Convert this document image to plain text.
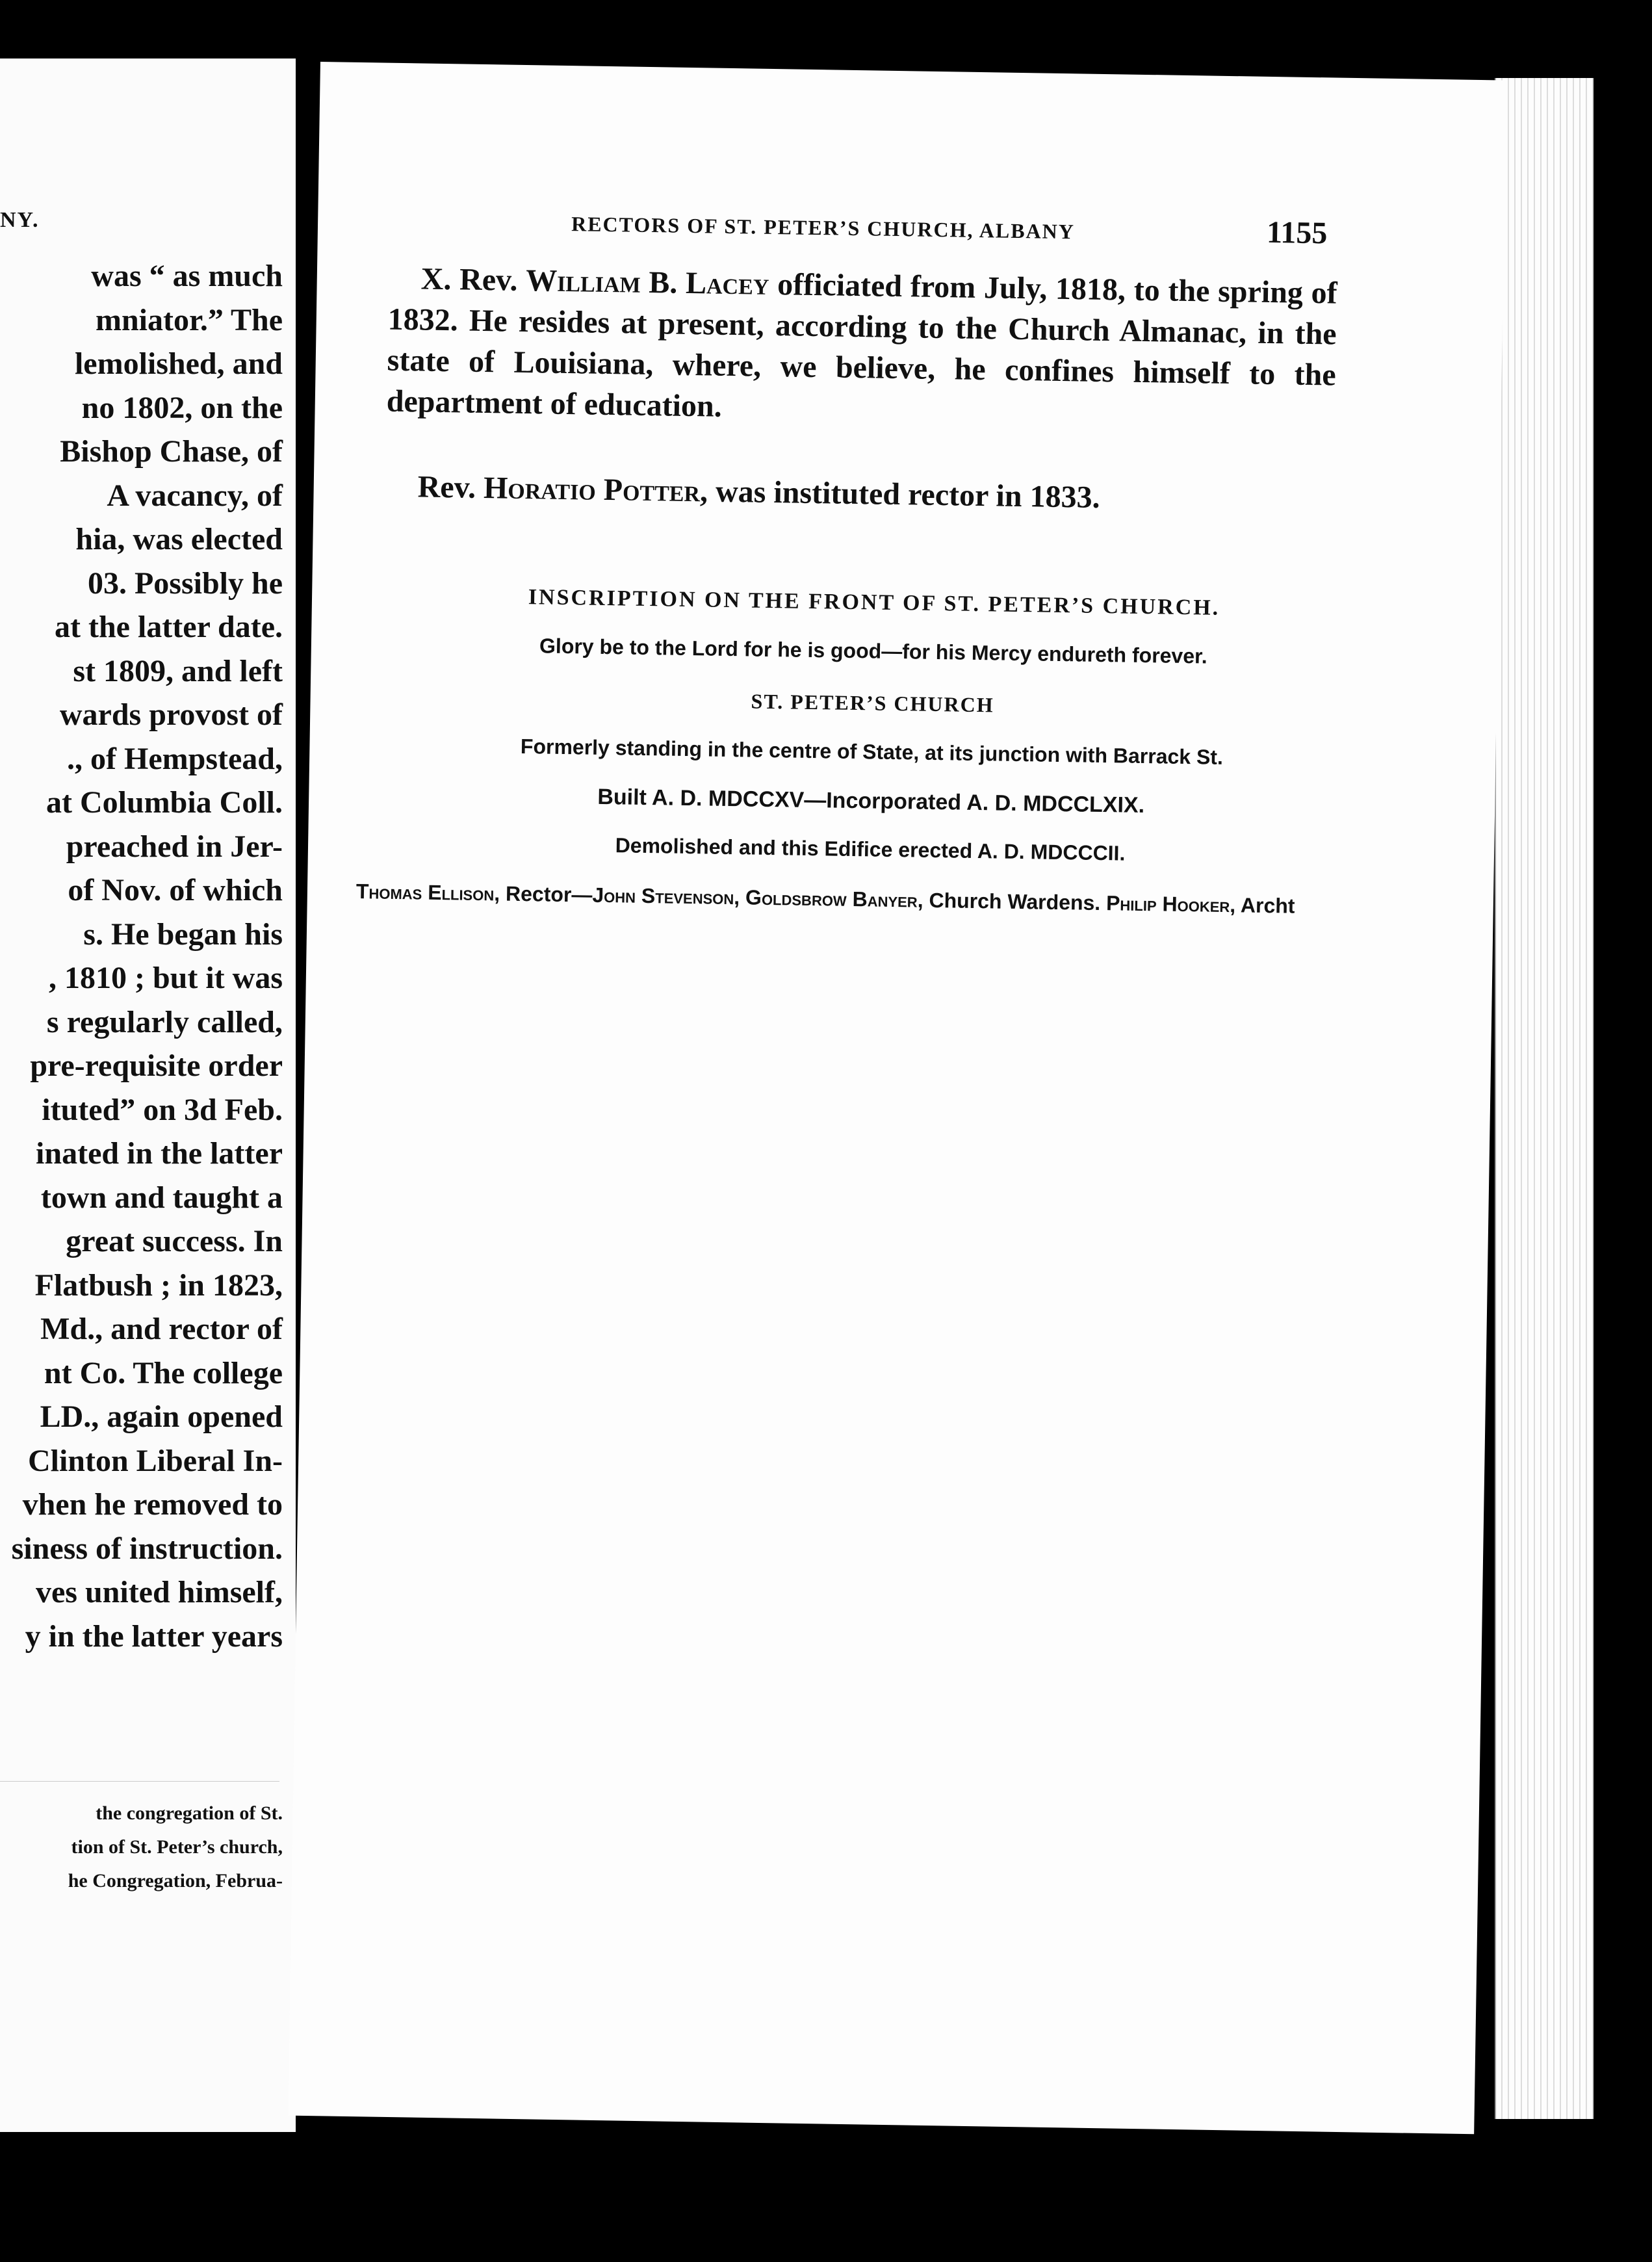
NY.
was “ as much
mniator.” The
lemolished, and
no 1802, on the
Bishop Chase, of
A vacancy, of
hia, was elected
03. Possibly he
at the latter date.
st 1809, and left
wards provost of
., of Hempstead,
at Columbia Coll.
preached in Jer-
of Nov. of which
s. He began his
, 1810 ; but it was
s regularly called,
pre-requisite order
ituted” on 3d Feb.
inated in the latter
town and taught a
great success. In
Flatbush ; in 1823,
Md., and rector of
nt Co. The college
LD., again opened
Clinton Liberal In-
vhen he removed to
siness of instruction.
ves united himself,
y in the latter years
the congregation of St.
tion of St. Peter’s church,
he Congregation, Februa-
RECTORS OF ST. PETER’S CHURCH, ALBANY	1155
X. Rev. William B. Lacey officiated from July, 1818, to the spring of 1832. He resides at present, according to the Church Almanac, in the state of Louisiana, where, we believe, he confines himself to the department of education.
Rev. Horatio Potter, was instituted rector in 1833.
INSCRIPTION ON THE FRONT OF ST. PETER’S CHURCH.
Glory be to the Lord for he is good—for his Mercy endureth forever.
ST. PETER’S CHURCH
Formerly standing in the centre of State, at its junction with Barrack St.
Built A. D. MDCCXV—Incorporated A. D. MDCCLXIX.
Demolished and this Edifice erected A. D. MDCCCII.
Thomas Ellison, Rector—John Stevenson, Goldsbrow Banyer, Church Wardens. Philip Hooker, Archt
